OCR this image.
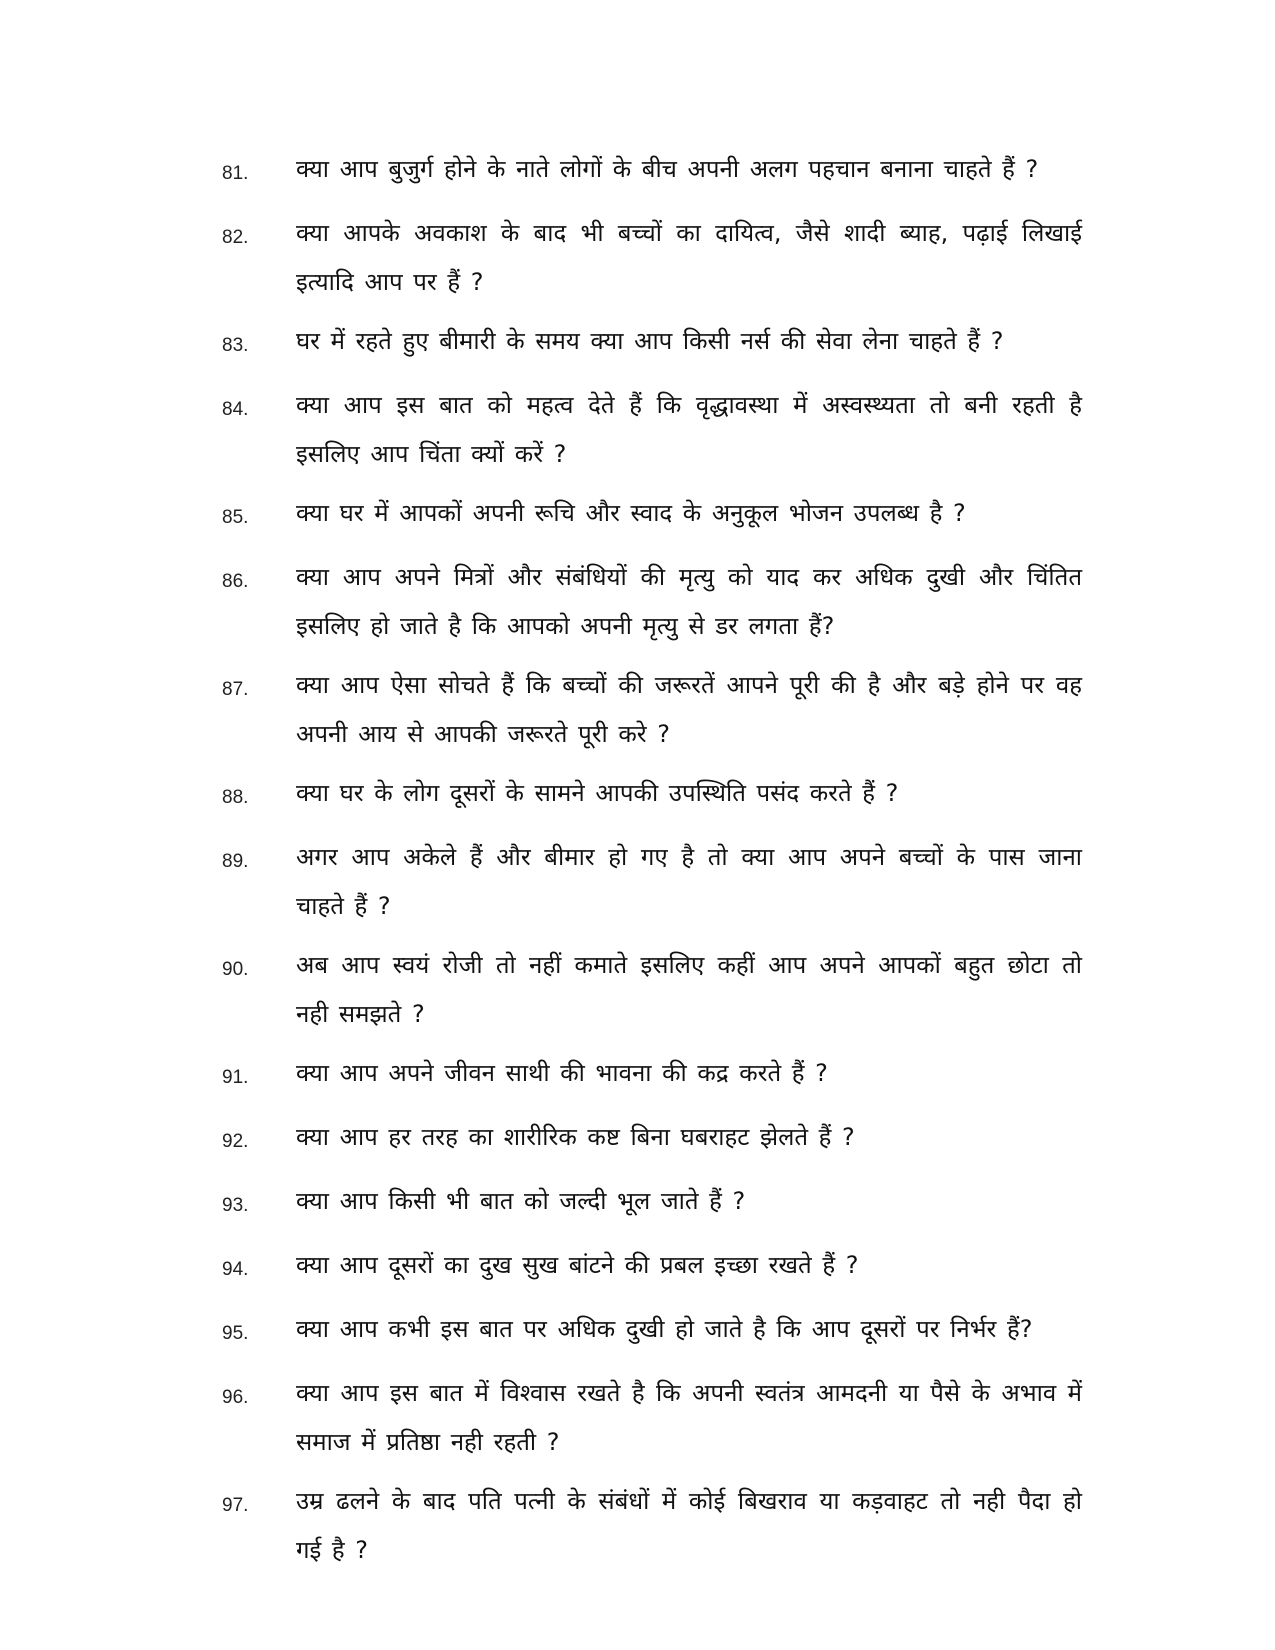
81.	क्या आप बुजुर्ग होने के नाते लोगों के बीच अपनी अलग पहचान बनाना चाहते हैं ?
82.	क्या आपके अवकाश के बाद भी बच्चों का दायित्व, जैसे शादी ब्याह, पढ़ाई लिखाई इत्यादि आप पर हैं ?
83.	घर में रहते हुए बीमारी के समय क्या आप किसी नर्स की सेवा लेना चाहते हैं ?
84.	क्या आप इस बात को महत्व देते हैं कि वृद्धावस्था में अस्वस्थ्यता तो बनी रहती है इसलिए आप चिंता क्यों करें ?
85.	क्या घर में आपकों अपनी रूचि और स्वाद के अनुकूल भोजन उपलब्ध है ?
86.	क्या आप अपने मित्रों और संबंधियों की मृत्यु को याद कर अधिक दुखी और चिंतित इसलिए हो जाते है कि आपको अपनी मृत्यु से डर लगता हैं?
87.	क्या आप ऐसा सोचते हैं कि बच्चों की जरूरतें आपने पूरी की है और बड़े होने पर वह अपनी आय से आपकी जरूरते पूरी करे ?
88.	क्या घर के लोग दूसरों के सामने आपकी उपस्थिति पसंद करते हैं ?
89.	अगर आप अकेले हैं और बीमार हो गए है तो क्या आप अपने बच्चों के पास जाना चाहते हैं ?
90.	अब आप स्वयं रोजी तो नहीं कमाते इसलिए कहीं आप अपने आपकों बहुत छोटा तो नही समझते ?
91.	क्या आप अपने जीवन साथी की भावना की कद्र करते हैं ?
92.	क्या आप हर तरह का शारीरिक कष्ट बिना घबराहट झेलते हैं ?
93.	क्या आप किसी भी बात को जल्दी भूल जाते हैं ?
94.	क्या आप दूसरों का दुख सुख बांटने की प्रबल इच्छा रखते हैं ?
95.	क्या आप कभी इस बात पर अधिक दुखी हो जाते है कि आप दूसरों पर निर्भर हैं?
96.	क्या आप इस बात में विश्वास रखते है कि अपनी स्वतंत्र आमदनी या पैसे के अभाव में समाज में प्रतिष्ठा नही रहती ?
97.	उम्र ढलने के बाद पति पत्नी के संबंधों में कोई बिखराव या कड़वाहट तो नही पैदा हो गई है ?
